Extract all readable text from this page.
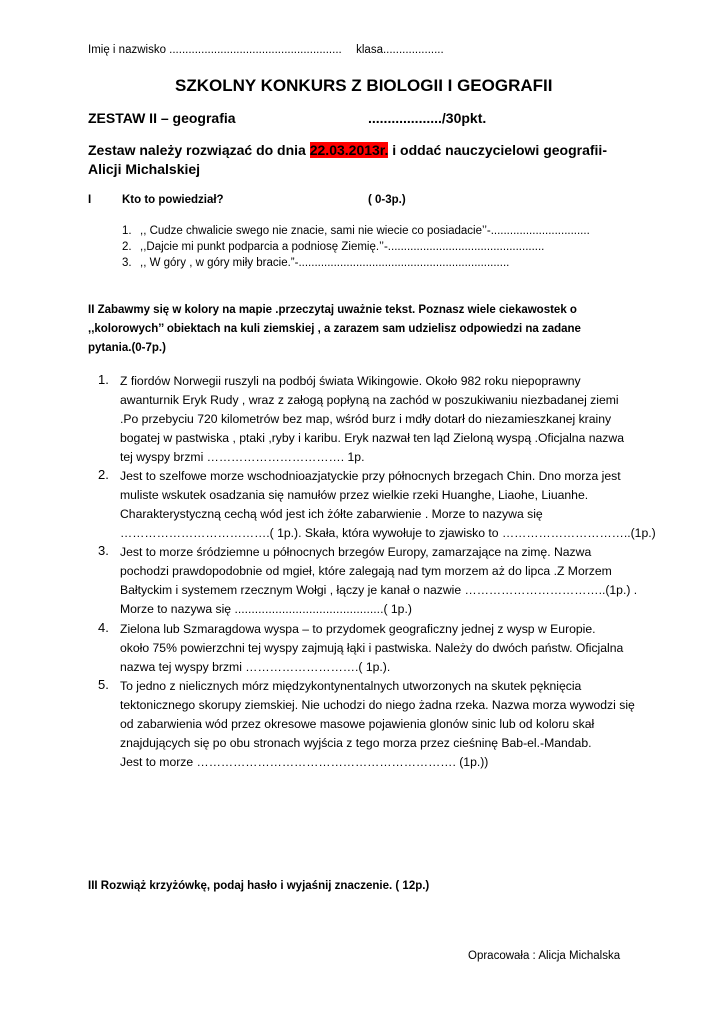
Imię i nazwisko ...................................................... klasa...................
SZKOLNY KONKURS Z BIOLOGII I GEOGRAFII
ZESTAW II – geografia	.................../30pkt.
Zestaw należy rozwiązać do dnia 22.03.2013r. i oddać nauczycielowi geografii-
Alicji Michalskiej
I	Kto to powiedział?	( 0-3p.)
1. ,, Cudze chwalicie swego nie znacie, sami nie wiecie co posiadacie’’-...............................
2. ,,Dajcie mi punkt podparcia a podniosę Ziemię.’’-.................................................
3. ,, W góry , w góry miły bracie.”-..................................................................
II Zabawmy się w kolory na mapie .przeczytaj uważnie tekst. Poznasz wiele ciekawostek o
,,kolorowych’’ obiektach na kuli ziemskiej , a zarazem sam udzielisz odpowiedzi na zadane
pytania.(0-7p.)
1. Z fiordów Norwegii ruszyli na podbój świata Wikingowie. Około 982 roku niepoprawny
awanturnik Eryk Rudy , wraz z załogą popłyną na zachód w poszukiwaniu niezbadanej ziemi
.Po przebyciu 720 kilometrów bez map, wśród burz i mdły dotarł do niezamieszkanej krainy
bogatej w pastwiska , ptaki ,ryby i karibu. Eryk nazwał ten ląd Zieloną wyspą .Oficjalna nazwa
tej wyspy brzmi ……………………………. 1p.
2. Jest to szelfowe morze wschodnioazjatyckie przy północnych brzegach Chin. Dno morza jest
muliste wskutek osadzania się namułów przez wielkie rzeki Huanghe, Liaohe, Liuanhe.
Charakterystyczną cechą wód jest ich żółte zabarwienie . Morze to nazywa się
……………………………….( 1p.). Skała, która wywołuje to zjawisko to …………………………..(1p.)
3. Jest to morze śródziemne u północnych brzegów Europy, zamarzające na zimę. Nazwa
pochodzi prawdopodobnie od mgieł, które zalegają nad tym morzem aż do lipca .Z Morzem
Bałtyckim i systemem rzecznym Wołgi , łączy je kanał o nazwie ……………………………..(1p.) .
Morze to nazywa się ............................................( 1p.)
4. Zielona lub Szmaragdowa wyspa – to przydomek geograficzny jednej z wysp w Europie.
około 75% powierzchni tej wyspy zajmują łąki i pastwiska. Należy do dwóch państw. Oficjalna
nazwa tej wyspy brzmi ……………………….( 1p.).
5. To jedno z nielicznych mórz międzykontynentalnych utworzonych na skutek pęknięcia
tektonicznego skorupy ziemskiej. Nie uchodzi do niego żadna rzeka. Nazwa morza wywodzi się
od zabarwienia wód przez okresowe masowe pojawienia glonów sinic lub od koloru skał
znajdujących się po obu stronach wyjścia z tego morza przez cieśninę Bab-el.-Mandab.
Jest to morze ………………………………………………………. (1p.))
III Rozwiąż krzyżówkę, podaj hasło i wyjaśnij znaczenie. ( 12p.)
Opracowała : Alicja Michalska
